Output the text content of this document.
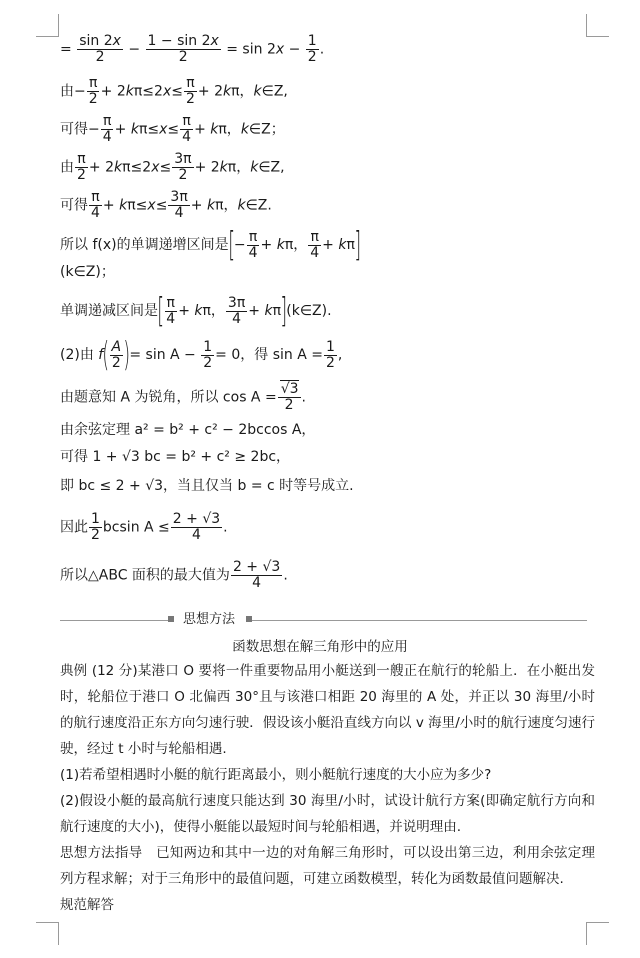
= $\frac{\sin 2x}{2} - \frac{1 - \sin 2x}{2} = \sin 2x - \frac{1}{2}$ .
由− $\frac{\pi}{2} + 2k\pi\le 2x\le \frac{\pi}{2} + 2k\pi$，k∈Z,
可得− $\frac{\pi}{4} + k\pi\le x\le \frac{\pi}{4} + k\pi$，k∈Z；
由 $\frac{\pi}{2} + 2k\pi\le 2x\le \frac{3\pi}{2} + 2k\pi$，k∈Z,
可得 $\frac{\pi}{4} + k\pi\le x\le \frac{3\pi}{4} + k\pi$，k∈Z.
所以 f(x)的单调递增区间是[− $\frac{\pi}{4} + k\pi$， $\frac{\pi}{4} + k\pi$]
(k∈Z)；
单调递减区间是[ $\frac{\pi}{4} + k\pi$， $\frac{3\pi}{4}$ + kπ](k∈Z).
(2)由 $f( \frac{A}{2}$ )= $\sin A - \frac{1}{2} = 0$，得 $\sin A = \frac{1}{2}$ ,
由题意知 A 为锐角，所以 $\cos A = \frac{√3}{2}$ .
由余弦定理 a² = b² + c² − 2bccos A，
可得 1 + √3 bc = b² + c² ≥ 2bc，
即 bc ≤ 2 + √3，当且仅当 b = c 时等号成立.
因此 $\frac{1}{2}$ bcsin $A \le \frac{2 + √3}{4}$ .
所以△ABC 面积的最大值为 $\frac{2 + √3}{4}$ .
思想方法
函数思想在解三角形中的应用
典例 (12 分)某港口 O 要将一件重要物品用小艇送到一艘正在航行的轮船上．在小艇出发时，轮船位于港口 O 北偏西 30°且与该港口相距 20 海里的 A 处，并正以 30 海里/小时的航行速度沿正东方向匀速行驶．假设该小艇沿直线方向以 v 海里/小时的航行速度匀速行驶，经过 t 小时与轮船相遇.
(1)若希望相遇时小艇的航行距离最小，则小艇航行速度的大小应为多少?
(2)假设小艇的最高航行速度只能达到 30 海里/小时，试设计航行方案(即确定航行方向和航行速度的大小)，使得小艇能以最短时间与轮船相遇，并说明理由.
思想方法指导　已知两边和其中一边的对角解三角形时，可以设出第三边，利用余弦定理列方程求解；对于三角形中的最值问题，可建立函数模型，转化为函数最值问题解决.
规范解答
